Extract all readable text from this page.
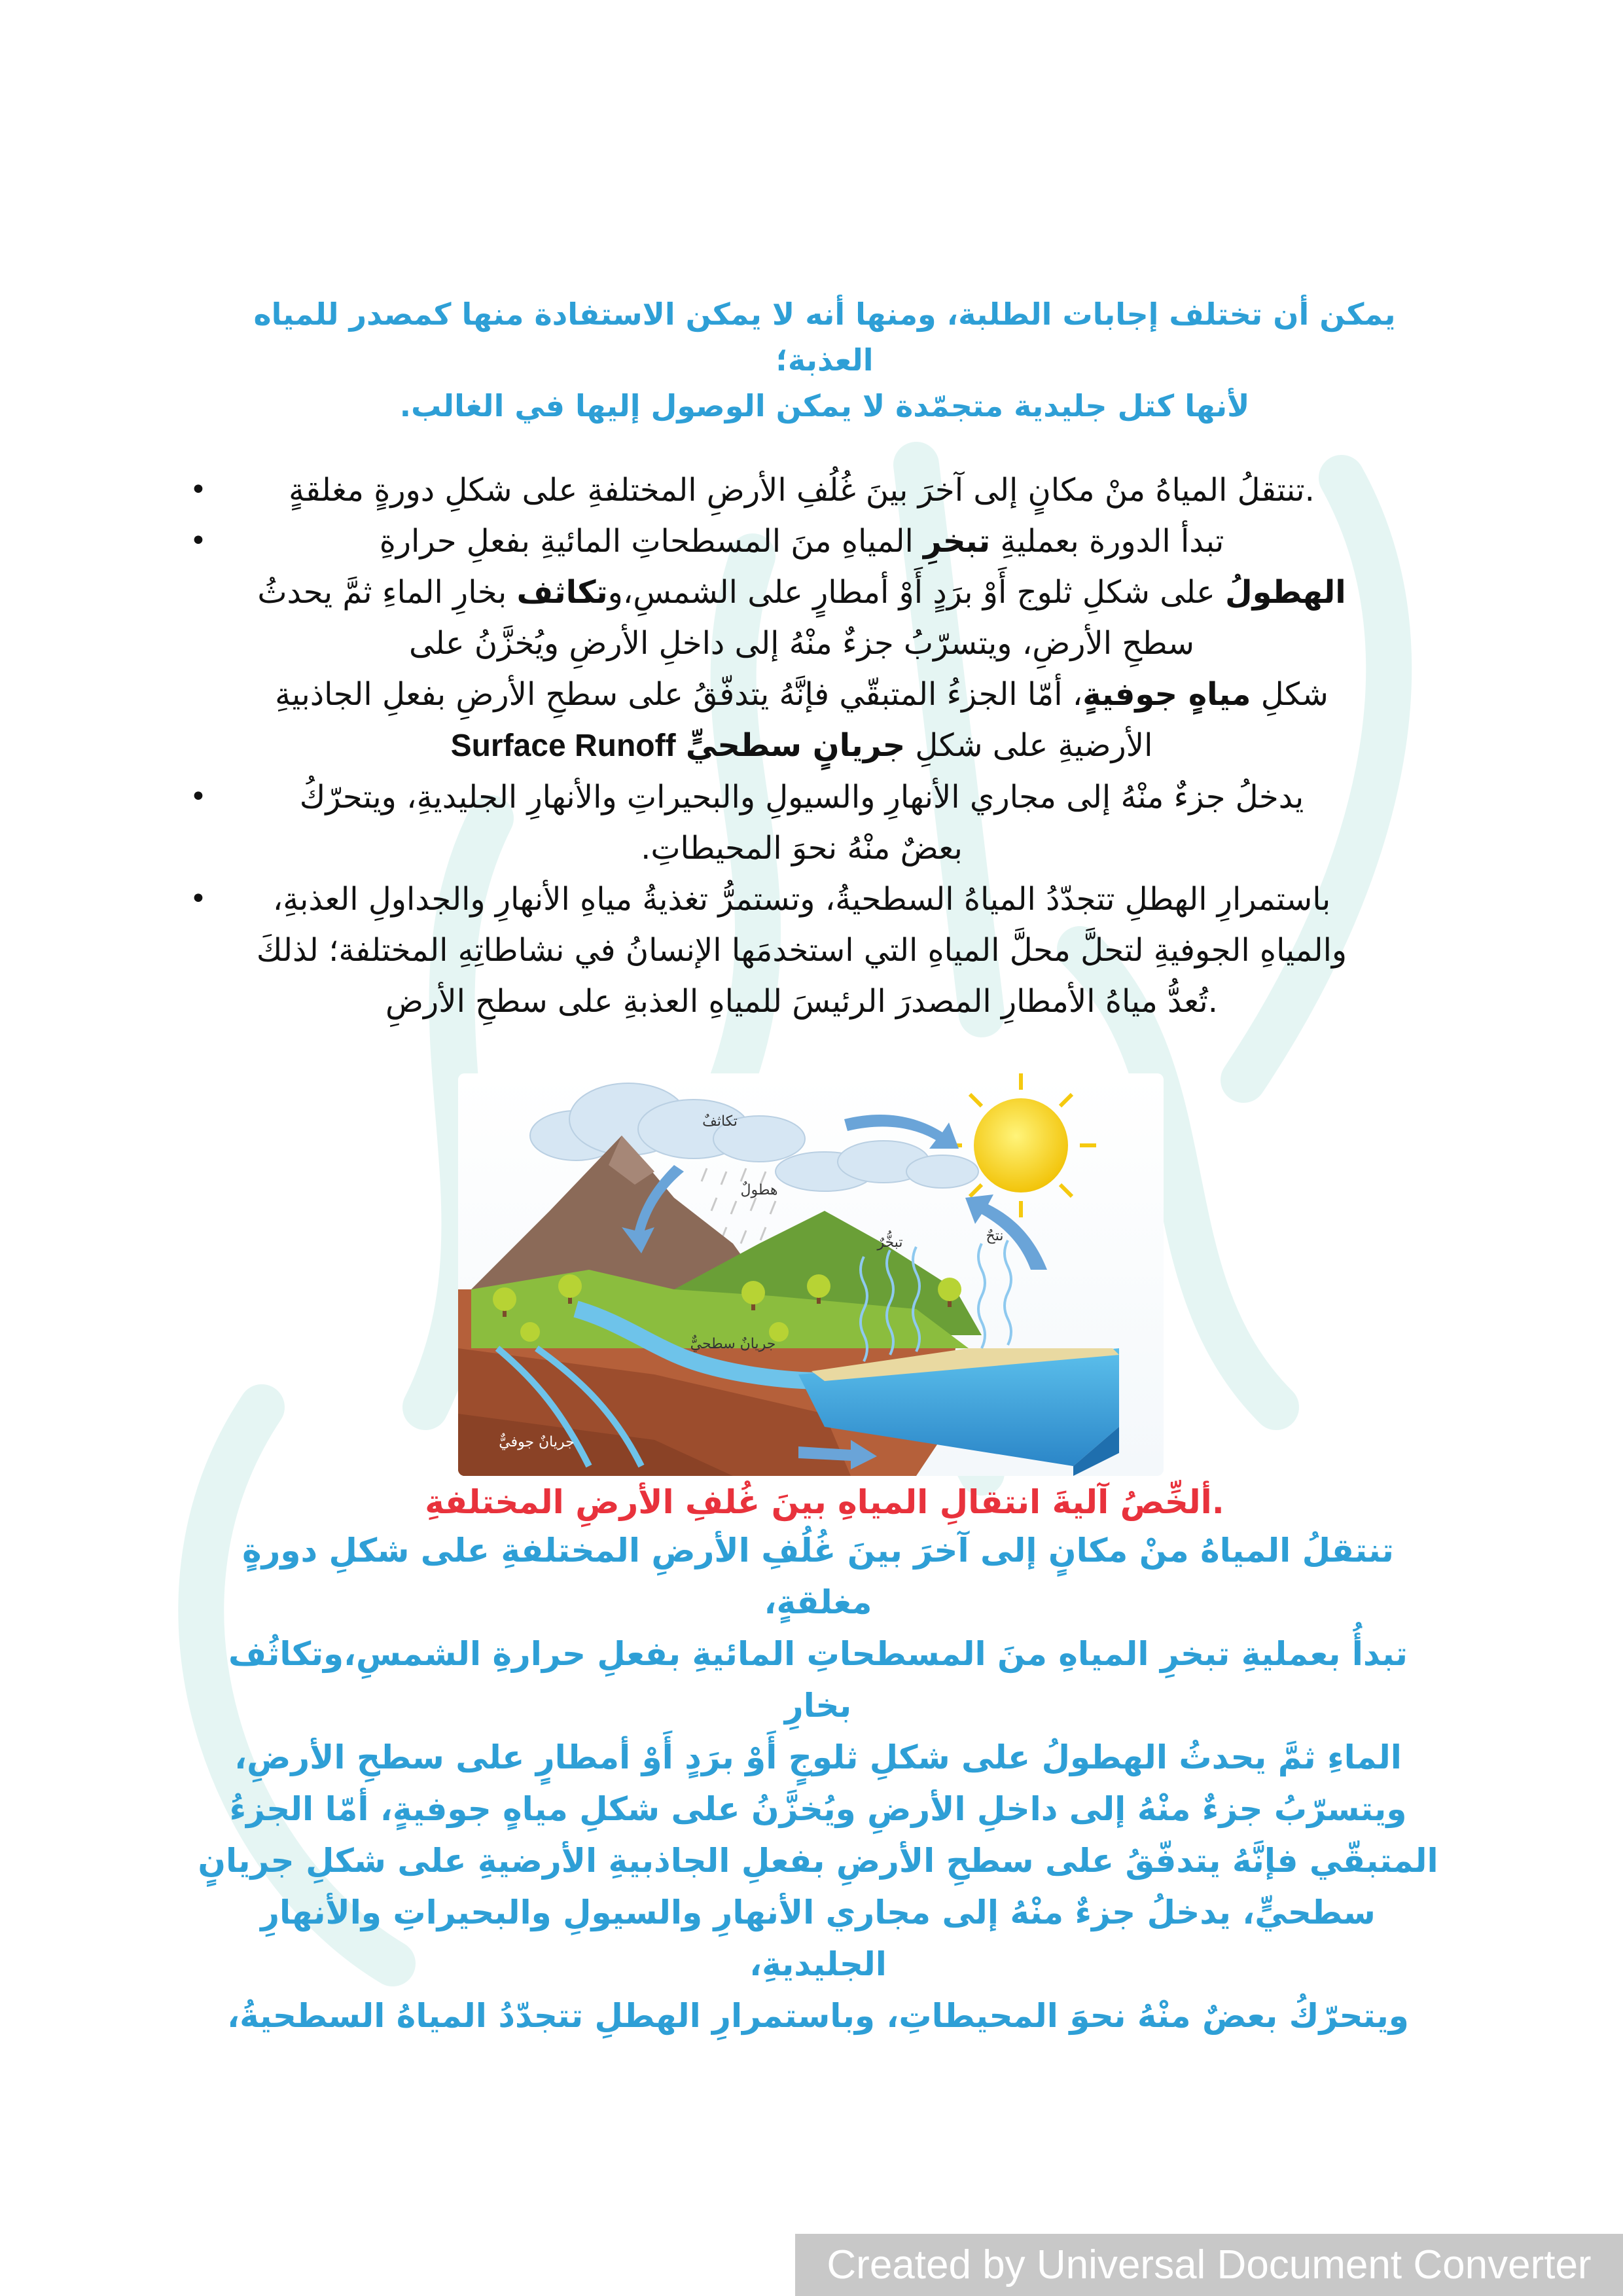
يمكن أن تختلف إجابات الطلبة، ومنها أنه لا يمكن الاستفادة منها كمصدر للمياه العذبة؛
لأنها كتل جليدية متجمّدة لا يمكن الوصول إليها في الغالب.
• .تنتقلُ المياهُ منْ مكانٍ إلى آخرَ بينَ غُلُفِ الأرضِ المختلفةِ على شكلِ دورةٍ مغلقةٍ
• تبدأ الدورة بعمليةِ تبخرِ المياهِ منَ المسطحاتِ المائيةِ بفعلِ حرارةِ
الهطولُ على شكلِ ثلوج أَوْ برَدٍ أَوْ أمطارٍ على الشمسِ،وتكاثف بخارِ الماءِ ثمَّ يحدثُ
سطحِ الأرضِ، ويتسرّبُ جزءٌ منْهُ إلى داخلِ الأرضِ ويُخزَّنُ على
شكلِ مياهٍ جوفيةٍ، أمّا الجزءُ المتبقّي فإنَّهُ يتدفّقُ على سطحِ الأرضِ بفعلِ الجاذبيةِ
الأرضيةِ على شكلِ جريانٍ سطحيٍّ Surface Runoff
• يدخلُ جزءٌ منْهُ إلى مجاري الأنهارِ والسيولِ والبحيراتِ والأنهارِ الجليديةِ، ويتحرّكُ
بعضٌ منْهُ نحوَ المحيطاتِ.
• باستمرارِ الهطلِ تتجدّدُ المياهُ السطحيةُ، وتستمرُّ تغذيةُ مياهِ الأنهارِ والجداولِ العذبةِ،
والمياهِ الجوفيةِ لتحلَّ محلَّ المياهِ التي استخدمَها الإنسانُ في نشاطاتِهِ المختلفة؛ لذلكَ
.تُعدُّ مياهُ الأمطارِ المصدرَ الرئيسَ للمياهِ العذبةِ على سطحِ الأرضِ
تكاثفٌ
هطولٌ
تبخُّرٌ	نتحٌ
جريانٌ سطحيٌّ
جريانٌ جوفيٌّ
.ألخِّصُ آليةَ انتقالِ المياهِ بينَ غُلفِ الأرضِ المختلفةِ
تنتقلُ المياهُ منْ مكانٍ إلى آخرَ بينَ غُلُفِ الأرضِ المختلفةِ على شكلِ دورةٍ مغلقةٍ،
تبدأُ بعمليةِ تبخرِ المياهِ منَ المسطحاتِ المائيةِ بفعلِ حرارةِ الشمسِ،وتكاثُف بخارِ
الماءِ ثمَّ يحدثُ الهطولُ على شكلِ ثلوجٍ أَوْ برَدٍ أَوْ أمطارٍ على سطحِ الأرضِ،
ويتسرّبُ جزءٌ منْهُ إلى داخلِ الأرضِ ويُخزَّنُ على شكلِ مياهٍ جوفيةٍ، أمّا الجزءُ
المتبقّي فإنَّهُ يتدفّقُ على سطحِ الأرضِ بفعلِ الجاذبيةِ الأرضيةِ على شكلِ جريانٍ
سطحيٍّ، يدخلُ جزءٌ منْهُ إلى مجاري الأنهارِ والسيولِ والبحيراتِ والأنهارِ الجليديةِ،
ويتحرّكُ بعضٌ منْهُ نحوَ المحيطاتِ، وباستمرارِ الهطلِ تتجدّدُ المياهُ السطحيةُ،
Created by Universal Document Converter
